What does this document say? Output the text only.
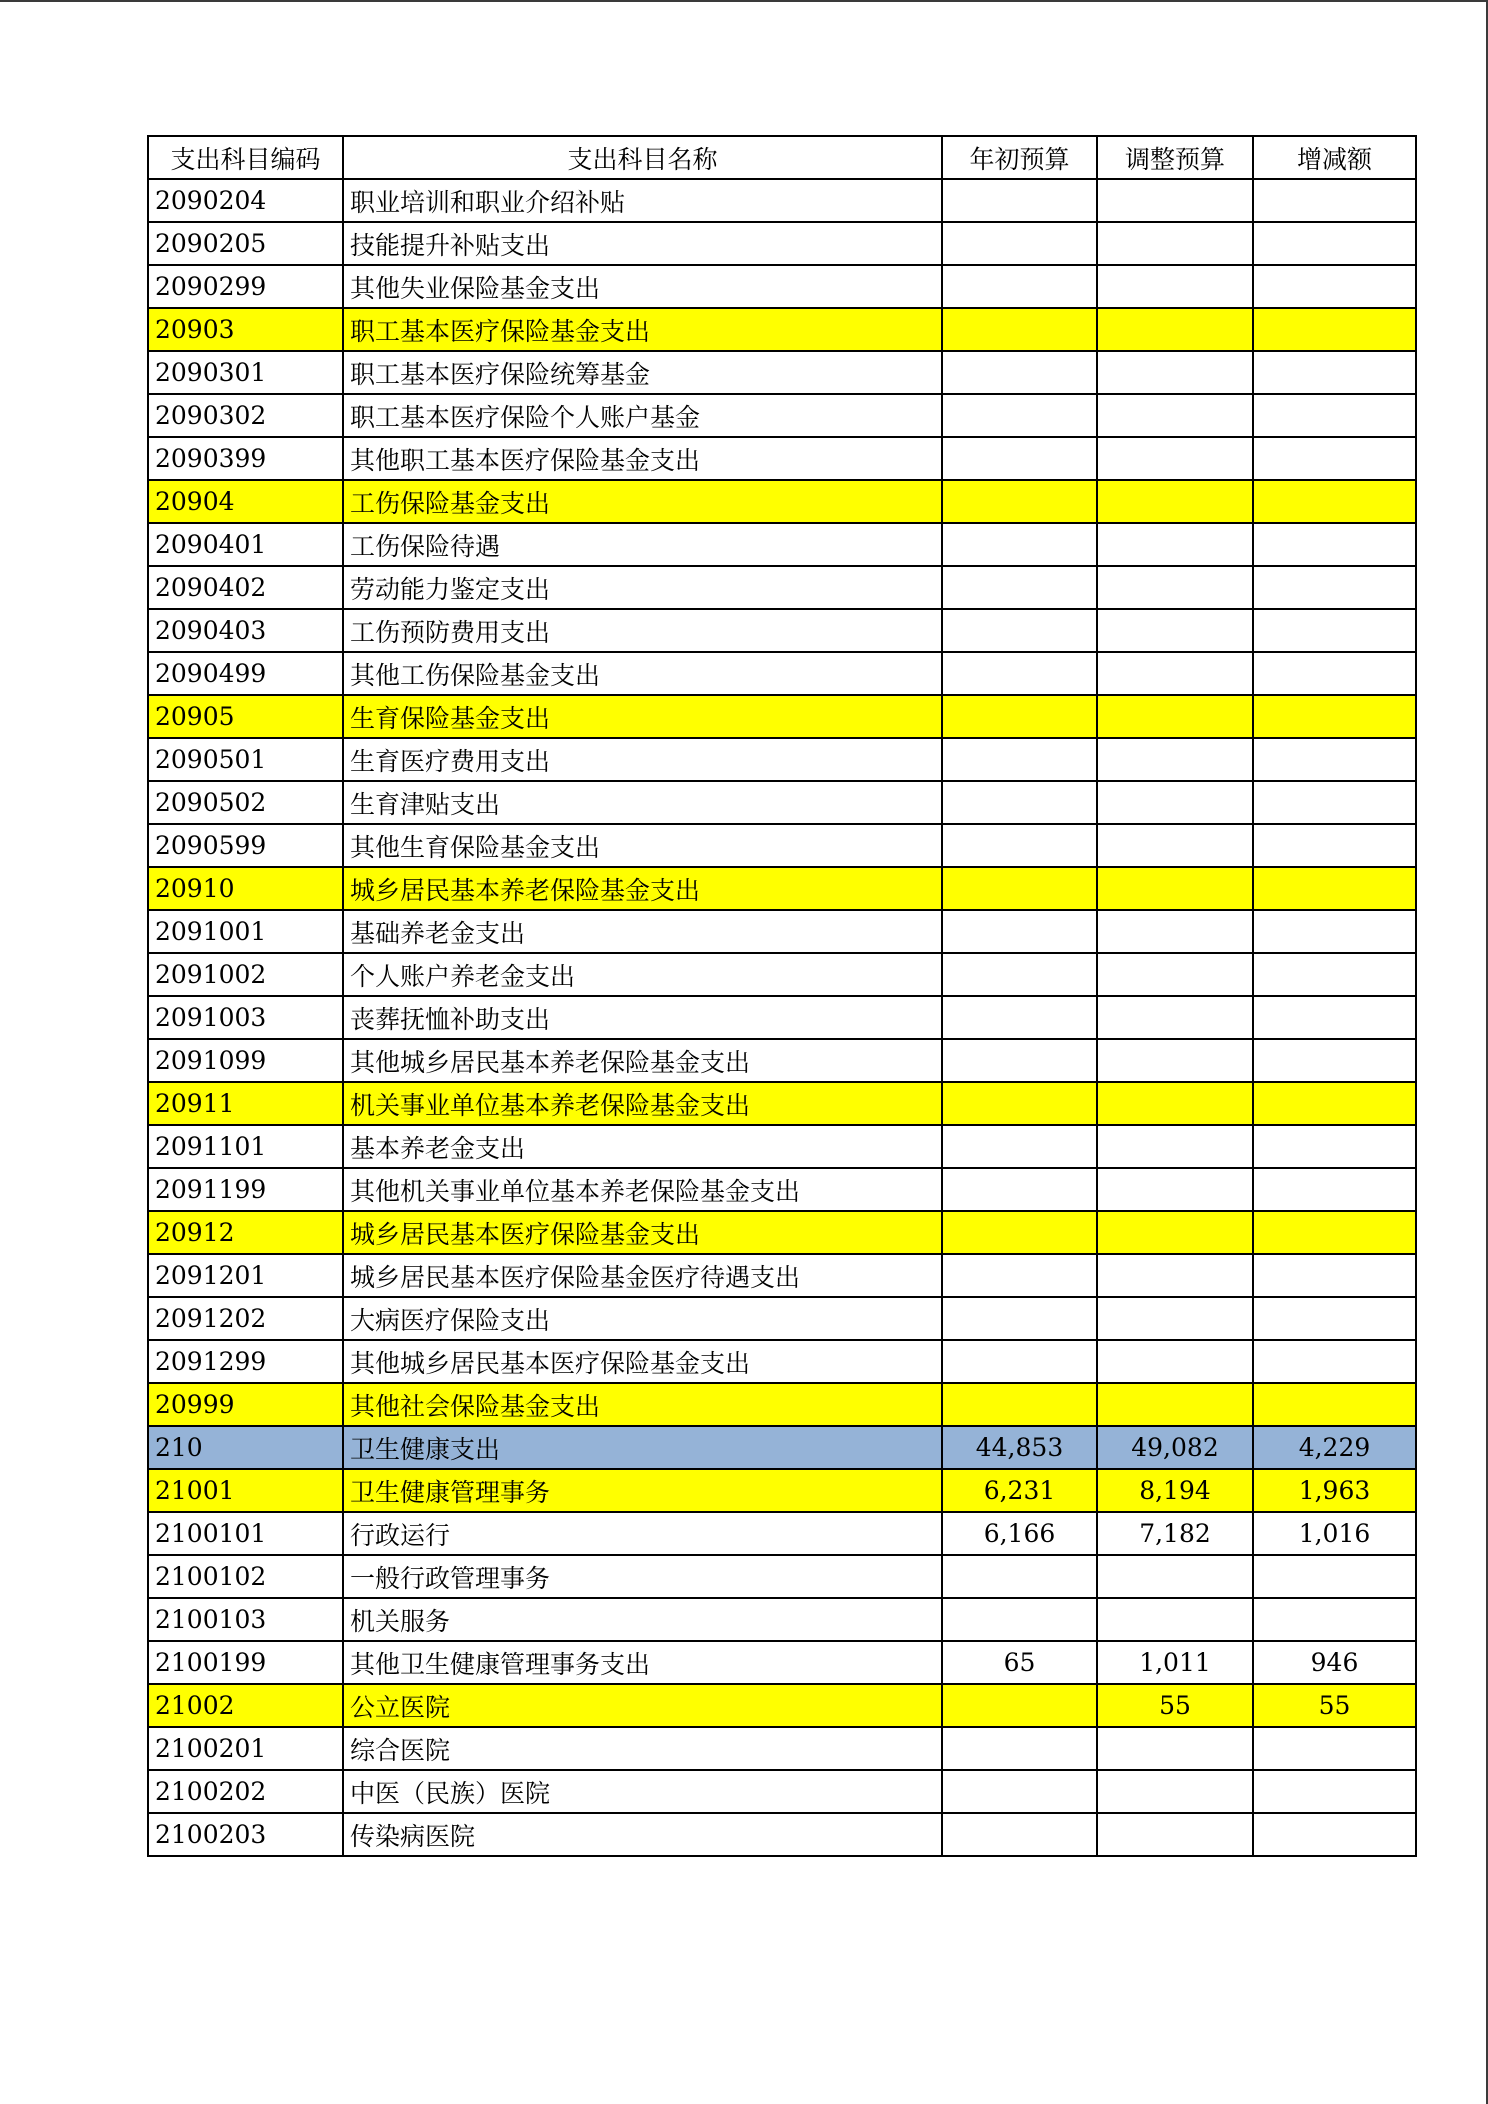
支出科目编码	支出科目名称	年初预算	调整预算	增减额
2090204	职业培训和职业介绍补贴			
2090205	技能提升补贴支出			
2090299	其他失业保险基金支出			
20903	职工基本医疗保险基金支出			
2090301	职工基本医疗保险统筹基金			
2090302	职工基本医疗保险个人账户基金			
2090399	其他职工基本医疗保险基金支出			
20904	工伤保险基金支出			
2090401	工伤保险待遇			
2090402	劳动能力鉴定支出			
2090403	工伤预防费用支出			
2090499	其他工伤保险基金支出			
20905	生育保险基金支出			
2090501	生育医疗费用支出			
2090502	生育津贴支出			
2090599	其他生育保险基金支出			
20910	城乡居民基本养老保险基金支出			
2091001	基础养老金支出			
2091002	个人账户养老金支出			
2091003	丧葬抚恤补助支出			
2091099	其他城乡居民基本养老保险基金支出			
20911	机关事业单位基本养老保险基金支出			
2091101	基本养老金支出			
2091199	其他机关事业单位基本养老保险基金支出			
20912	城乡居民基本医疗保险基金支出			
2091201	城乡居民基本医疗保险基金医疗待遇支出			
2091202	大病医疗保险支出			
2091299	其他城乡居民基本医疗保险基金支出			
20999	其他社会保险基金支出			
210	卫生健康支出	44,853	49,082	4,229
21001	卫生健康管理事务	6,231	8,194	1,963
2100101	行政运行	6,166	7,182	1,016
2100102	一般行政管理事务			
2100103	机关服务			
2100199	其他卫生健康管理事务支出	65	1,011	946
21002	公立医院		55	55
2100201	综合医院			
2100202	中医（民族）医院			
2100203	传染病医院			
